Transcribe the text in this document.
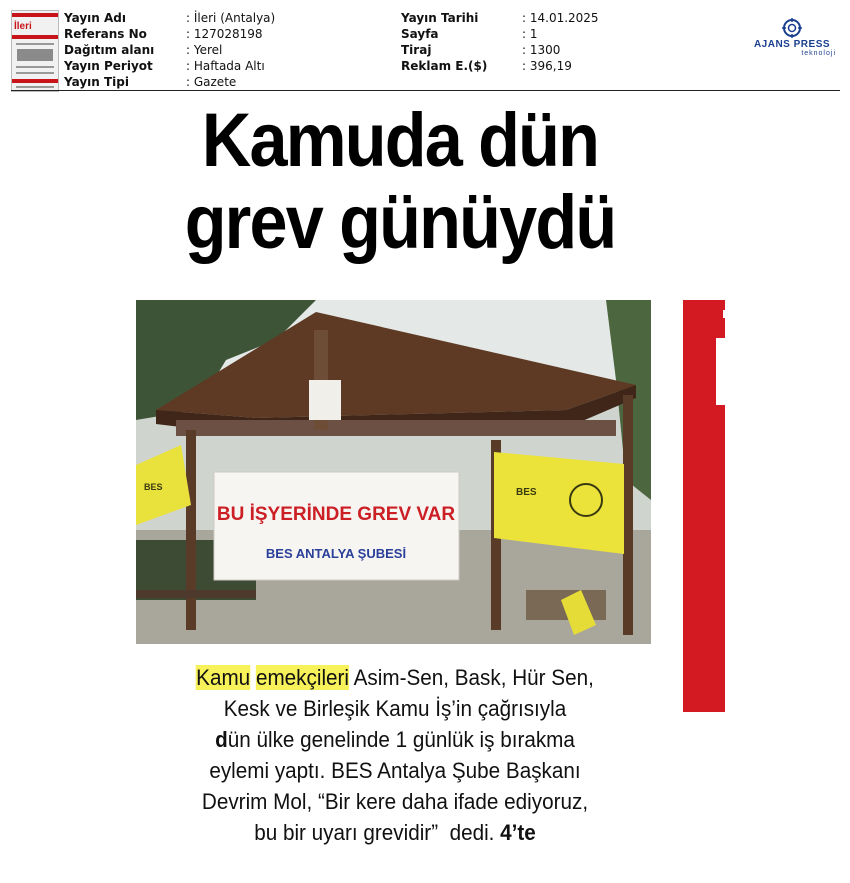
İleri
Yayın Adı	: İleri (Antalya)
Referans No	: 127028198
Dağıtım alanı	: Yerel
Yayın Periyot	: Haftada Altı
Yayın Tipi	: Gazete
Yayın Tarihi	: 14.01.2025
Sayfa	: 1
Tiraj	: 1300
Reklam E.($)	: 396,19
AJANS PRESS
teknoloji
Kamuda dün
grev günüydü
BES
BU İŞYERİNDE GREV VAR
BES ANTALYA ŞUBESİ
BES
Kamu emekçileri Asim-Sen, Bask, Hür Sen,
Kesk ve Birleşik Kamu İş’in çağrısıyla
dün ülke genelinde 1 günlük iş bırakma
eylemi yaptı. BES Antalya Şube Başkanı
Devrim Mol, “Bir kere daha ifade ediyoruz,
bu bir uyarı grevidir”  dedi. 4’te
